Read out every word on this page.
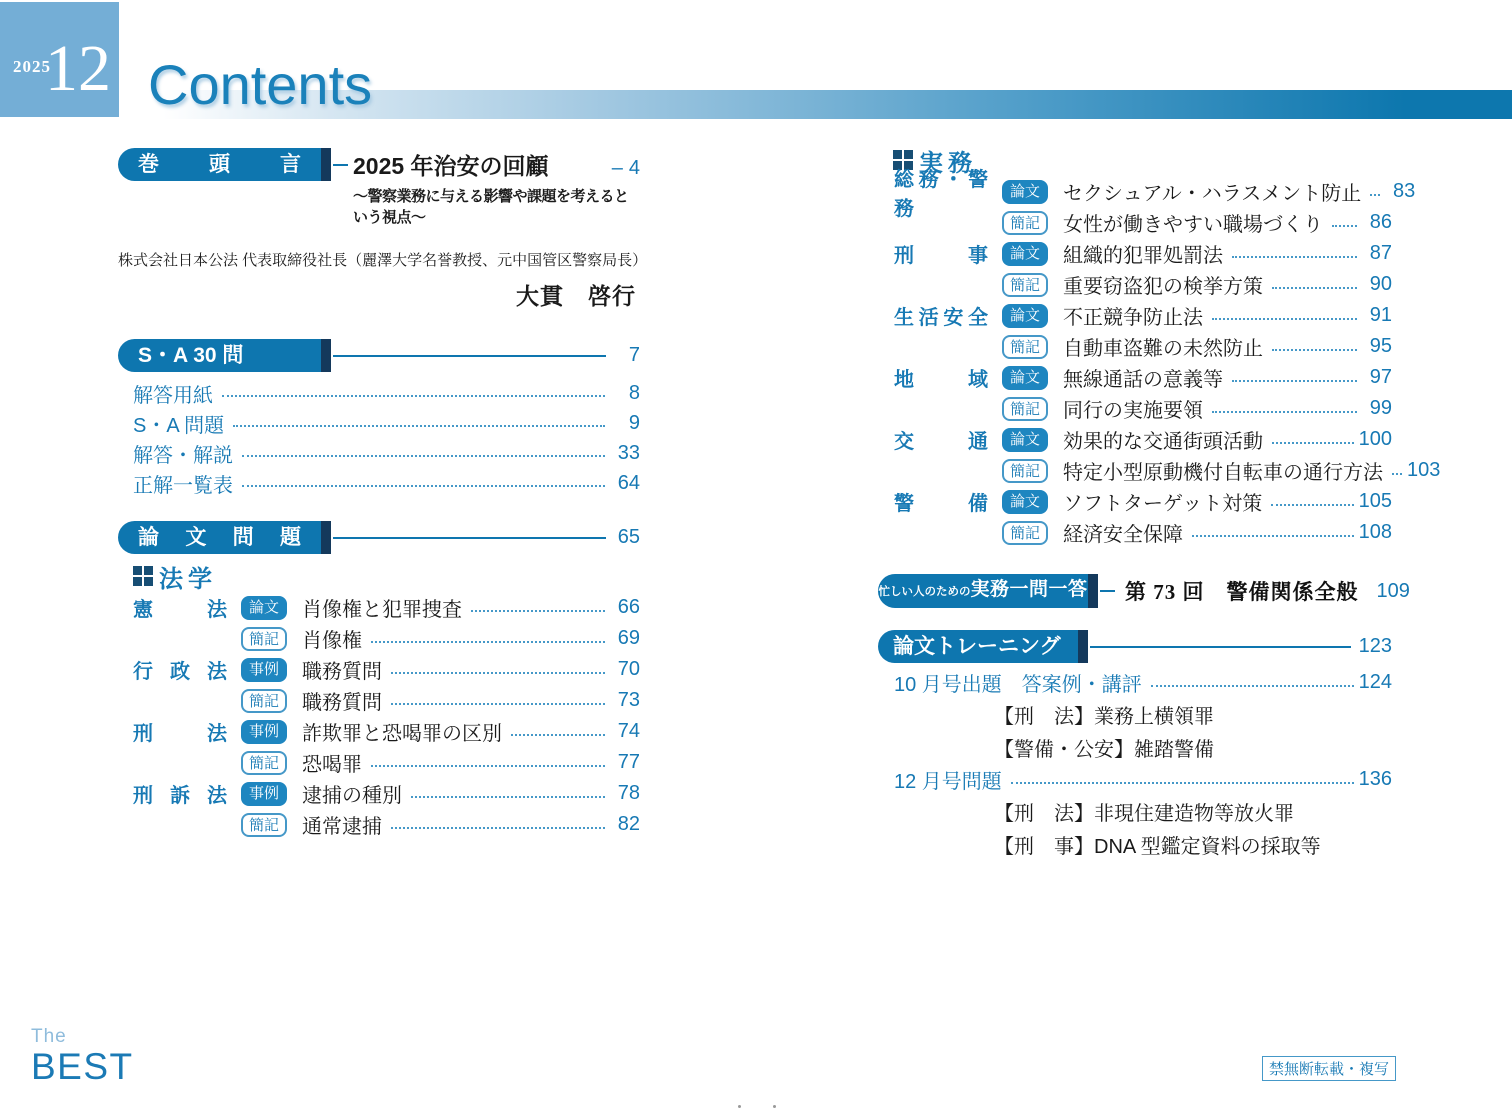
2025
12 Contents
巻頭言 2025 年治安の回顧	– 4
～警察業務に与える影響や課題を考えるという視点～
株式会社日本公法 代表取締役社長（麗澤大学名誉教授、元中国管区警察局長）
大貫　啓行
S・A 30 問	7
解答用紙	8
S・A 問題	9
解答・解説	33
正解一覧表	64
論文問題	65
法学
憲法	論文	肖像権と犯罪捜査	66
簡記	肖像権	69
行政法	事例	職務質問	70
簡記	職務質問	73
刑法	事例	詐欺罪と恐喝罪の区別	74
簡記	恐喝罪	77
刑訴法	事例	逮捕の種別	78
簡記	通常逮捕	82
実務
総務・警務
論文	セクシュアル・ハラスメント防止	83
簡記	女性が働きやすい職場づくり	86
刑事	論文	組織的犯罪処罰法	87
簡記	重要窃盗犯の検挙方策	90
生活安全	論文	不正競争防止法	91
簡記	自動車盗難の未然防止	95
地域	論文	無線通話の意義等	97
簡記	同行の実施要領	99
交通	論文	効果的な交通街頭活動	100
簡記	特定小型原動機付自転車の通行方法 103
警備	論文	ソフトターゲット対策	105
簡記	経済安全保障	108
忙しい人のための 実務一問一答 第 73 回　警備関係全般 109
論文トレーニング	123
10 月号出題　答案例・講評	124
【刑　法】業務上横領罪
【警備・公安】雑踏警備
12 月号問題	136
【刑　法】非現住建造物等放火罪
【刑　事】DNA 型鑑定資料の採取等
The
BEST	禁無断転載・複写
